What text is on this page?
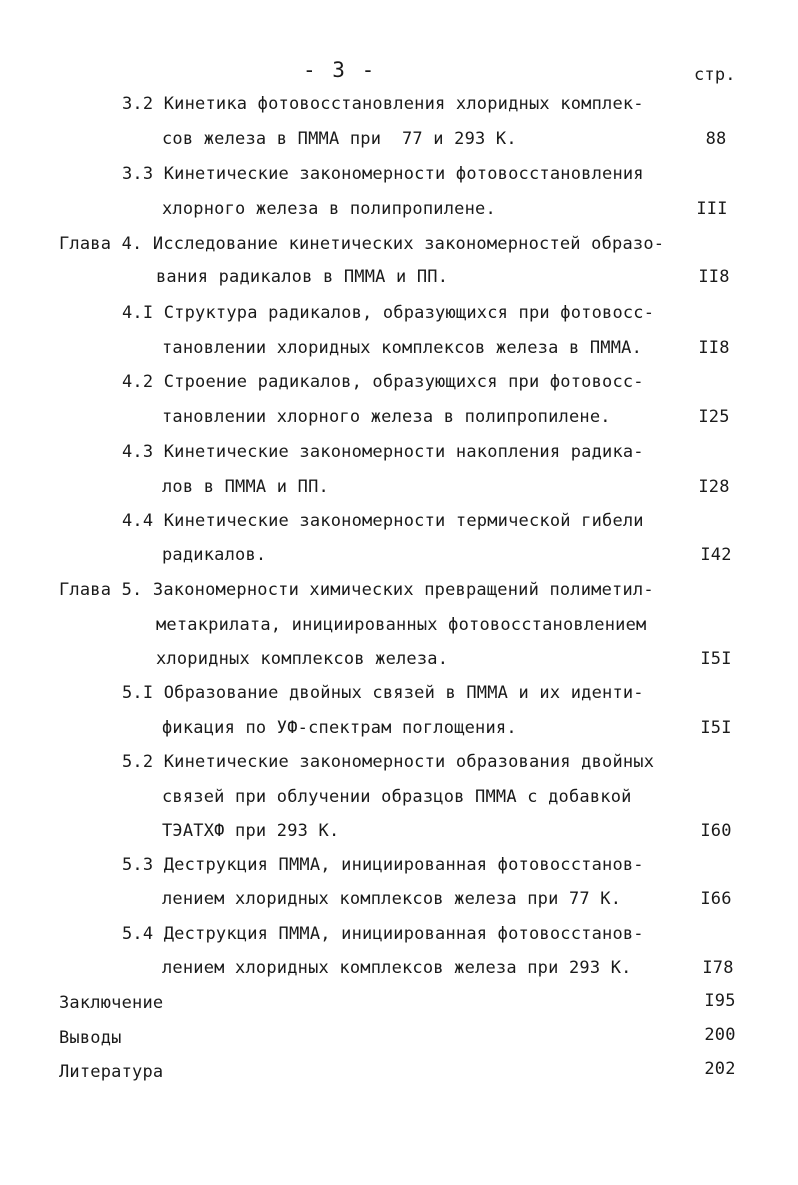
- 3 -	стр.
3.2 Кинетика фотовосстановления хлоридных комплек-
сов железа в ПММА при  77 и 293 К.	88
3.3 Кинетические закономерности фотовосстановления
хлорного железа в полипропилене.	III
Глава 4. Исследование кинетических закономерностей образо-
вания радикалов в ПММА и ПП.	II8
4.I Структура радикалов, образующихся при фотовосс-
тановлении хлоридных комплексов железа в ПММА.	II8
4.2 Строение радикалов, образующихся при фотовосс-
тановлении хлорного железа в полипропилене.	I25
4.3 Кинетические закономерности накопления радика-
лов в ПММА и ПП.	I28
4.4 Кинетические закономерности термической гибели
радикалов.	I42
Глава 5. Закономерности химических превращений полиметил-
метакрилата, инициированных фотовосстановлением
хлоридных комплексов железа.	I5I
5.I Образование двойных связей в ПММА и их иденти-
фикация по УФ-спектрам поглощения.	I5I
5.2 Кинетические закономерности образования двойных
связей при облучении образцов ПММА с добавкой
ТЭАТХФ при 293 К.	I60
5.3 Деструкция ПММА, инициированная фотовосстанов-
лением хлоридных комплексов железа при 77 К.	I66
5.4 Деструкция ПММА, инициированная фотовосстанов-
лением хлоридных комплексов железа при 293 К.	I78
Заключение	I95
Выводы	200
Литература	202
